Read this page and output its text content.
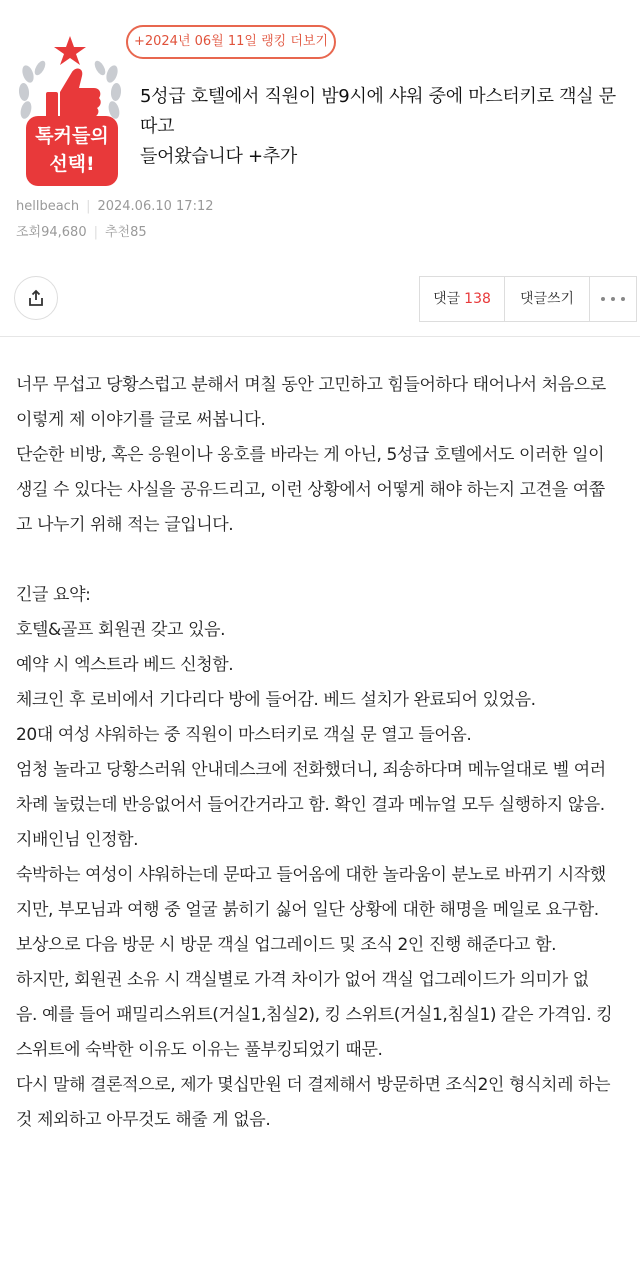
+2024년 06월 11일 랭킹 더보기
톡커들의
선택!
5성급 호텔에서 직원이 밤9시에 샤워 중에 마스터키로 객실 문 따고
들어왔습니다 +추가
hellbeach | 2024.06.10 17:12
조회94,680 | 추천85
댓글 138	댓글쓰기
너무 무섭고 당황스럽고 분해서 며칠 동안 고민하고 힘들어하다 태어나서 처음으로
이렇게 제 이야기를 글로 써봅니다.
단순한 비방, 혹은 응원이나 옹호를 바라는 게 아닌, 5성급 호텔에서도 이러한 일이
생길 수 있다는 사실을 공유드리고, 이런 상황에서 어떻게 해야 하는지 고견을 여쭙
고 나누기 위해 적는 글입니다.
긴글 요약:
호텔&골프 회원권 갖고 있음.
예약 시 엑스트라 베드 신청함.
체크인 후 로비에서 기다리다 방에 들어감. 베드 설치가 완료되어 있었음.
20대 여성 샤워하는 중 직원이 마스터키로 객실 문 열고 들어옴.
엄청 놀라고 당황스러워 안내데스크에 전화했더니, 죄송하다며 메뉴얼대로 벨 여러
차례 눌렀는데 반응없어서 들어간거라고 함. 확인 결과 메뉴얼 모두 실행하지 않음.
지배인님 인정함.
숙박하는 여성이 샤워하는데 문따고 들어옴에 대한 놀라움이 분노로 바뀌기 시작했
지만, 부모님과 여행 중 얼굴 붉히기 싫어 일단 상황에 대한 해명을 메일로 요구함.
보상으로 다음 방문 시 방문 객실 업그레이드 및 조식 2인 진행 해준다고 함.
하지만, 회원권 소유 시 객실별로 가격 차이가 없어 객실 업그레이드가 의미가 없
음. 예를 들어 패밀리스위트(거실1,침실2), 킹 스위트(거실1,침실1) 같은 가격임. 킹
스위트에 숙박한 이유도 이유는 풀부킹되었기 때문.
다시 말해 결론적으로, 제가 몇십만원 더 결제해서 방문하면 조식2인 형식치레 하는
것 제외하고 아무것도 해줄 게 없음.
